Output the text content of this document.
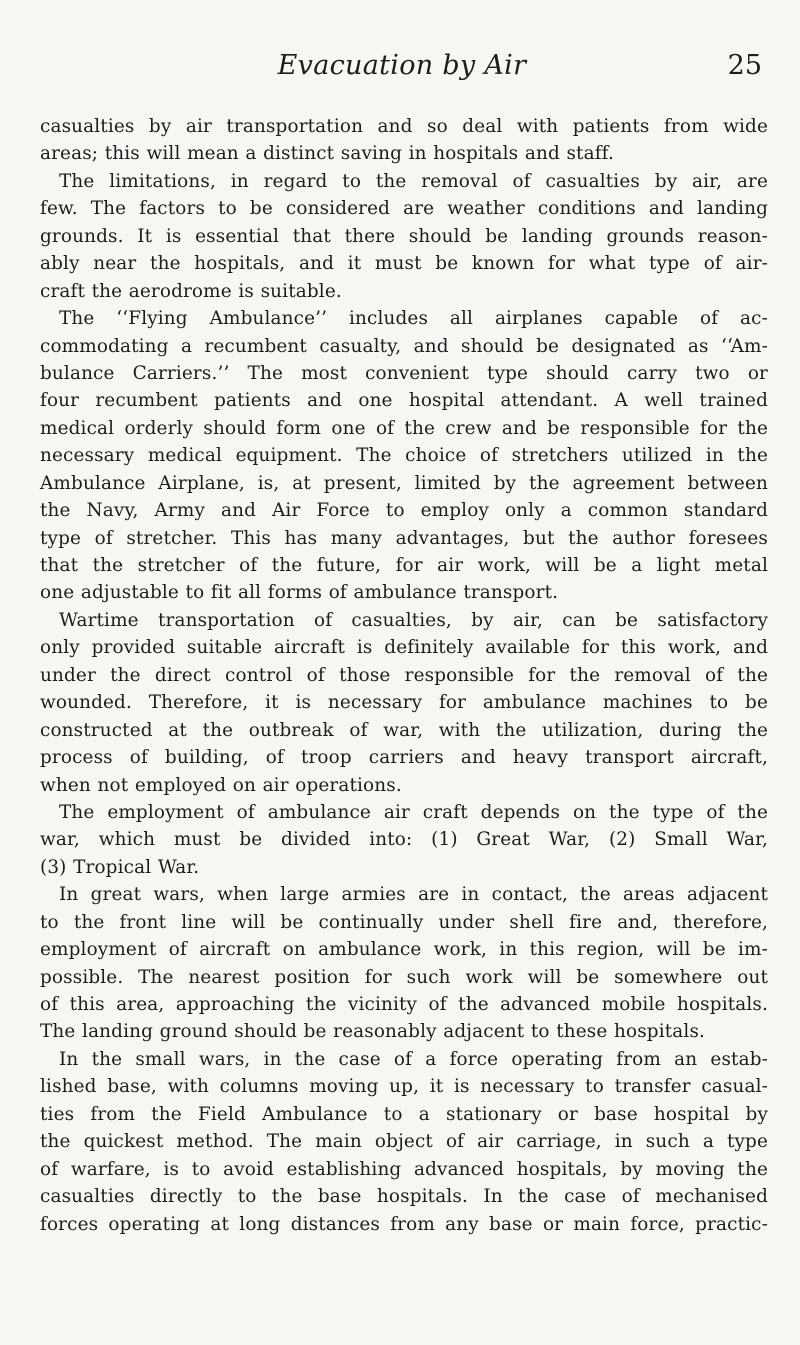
Evacuation by Air	25
casualties by air transportation and so deal with patients from wide
areas; this will mean a distinct saving in hospitals and staff.
The limitations, in regard to the removal of casualties by air, are
few. The factors to be considered are weather conditions and landing
grounds. It is essential that there should be landing grounds reason-
ably near the hospitals, and it must be known for what type of air-
craft the aerodrome is suitable.
The ‘‘Flying Ambulance’’ includes all airplanes capable of ac-
commodating a recumbent casualty, and should be designated as ‘‘Am-
bulance Carriers.’’ The most convenient type should carry two or
four recumbent patients and one hospital attendant. A well trained
medical orderly should form one of the crew and be responsible for the
necessary medical equipment. The choice of stretchers utilized in the
Ambulance Airplane, is, at present, limited by the agreement between
the Navy, Army and Air Force to employ only a common standard
type of stretcher. This has many advantages, but the author foresees
that the stretcher of the future, for air work, will be a light metal
one adjustable to fit all forms of ambulance transport.
Wartime transportation of casualties, by air, can be satisfactory
only provided suitable aircraft is definitely available for this work, and
under the direct control of those responsible for the removal of the
wounded. Therefore, it is necessary for ambulance machines to be
constructed at the outbreak of war, with the utilization, during the
process of building, of troop carriers and heavy transport aircraft,
when not employed on air operations.
The employment of ambulance air craft depends on the type of the
war, which must be divided into: (1) Great War, (2) Small War,
(3) Tropical War.
In great wars, when large armies are in contact, the areas adjacent
to the front line will be continually under shell fire and, therefore,
employment of aircraft on ambulance work, in this region, will be im-
possible. The nearest position for such work will be somewhere out
of this area, approaching the vicinity of the advanced mobile hospitals.
The landing ground should be reasonably adjacent to these hospitals.
In the small wars, in the case of a force operating from an estab-
lished base, with columns moving up, it is necessary to transfer casual-
ties from the Field Ambulance to a stationary or base hospital by
the quickest method. The main object of air carriage, in such a type
of warfare, is to avoid establishing advanced hospitals, by moving the
casualties directly to the base hospitals. In the case of mechanised
forces operating at long distances from any base or main force, practic-
